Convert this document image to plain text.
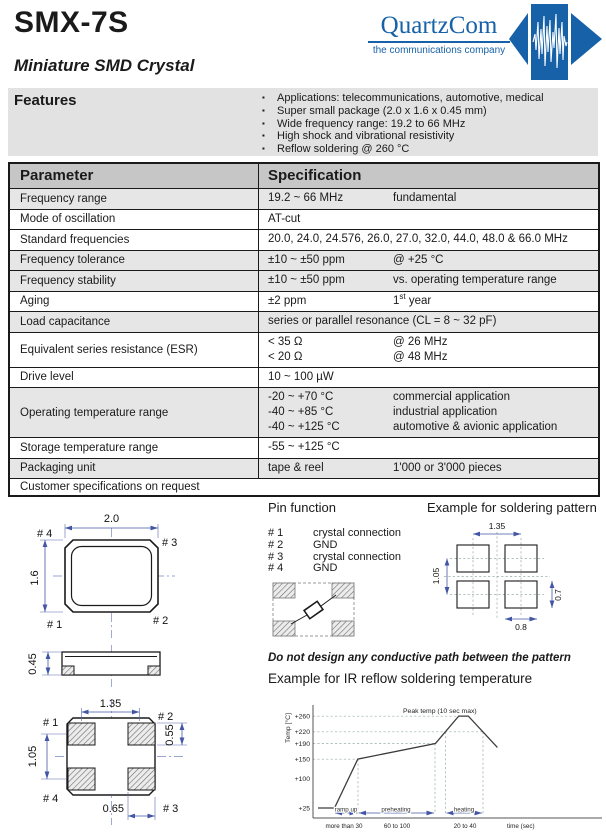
SMX-7S	QuartzCom
the communications company
Miniature SMD Crystal
Features	▪	Applications: telecommunications, automotive, medical
▪	Super small package (2.0 x 1.6 x 0.45 mm)
▪	Wide frequency range: 19.2 to 66 MHz
▪	High shock and vibrational resistivity
▪	Reflow soldering @ 260 °C
Parameter	Specification
Frequency range	19.2 ~ 66 MHz	fundamental
Mode of oscillation	AT-cut
Standard frequencies	20.0, 24.0, 24.576, 26.0, 27.0, 32.0, 44.0, 48.0 & 66.0 MHz
Frequency tolerance	±10 ~ ±50 ppm	@ +25 °C
Frequency stability	±10 ~ ±50 ppm	vs. operating temperature range
Aging	±2 ppm	1st year
Load capacitance	series or parallel resonance (CL = 8 ~ 32 pF)
Equivalent series resistance (ESR)
< 35 Ω	@ 26 MHz
< 20 Ω	@ 48 MHz
Drive level	10 ~ 100 µW
Operating temperature range
-20 ~ +70 °C	commercial application
-40 ~ +85 °C	industrial application
-40 ~ +125 °C	automotive & avionic application
Storage temperature range	-55 ~ +125 °C
Packaging unit	tape & reel	1'000 or 3'000 pieces
Customer specifications on request
2.0
1.6
# 4
# 3
# 1	# 2
0.45
1.35
1.05
0.55
0.65
# 1	# 2
# 4
# 3
Pin function
# 1	crystal connection
# 2	GND
# 3	crystal connection
# 4	GND
Example for soldering pattern
1.35
1.05
0.7
0.8
Do not design any conductive path between the pattern
Example for IR reflow soldering temperature
Temp [°C] +260
+220
+190
+150
+100
+25
Peak temp (10 sec max)
ramp up	preheating	heating
more than 30	60 to 100	20 to 40	time (sec)
